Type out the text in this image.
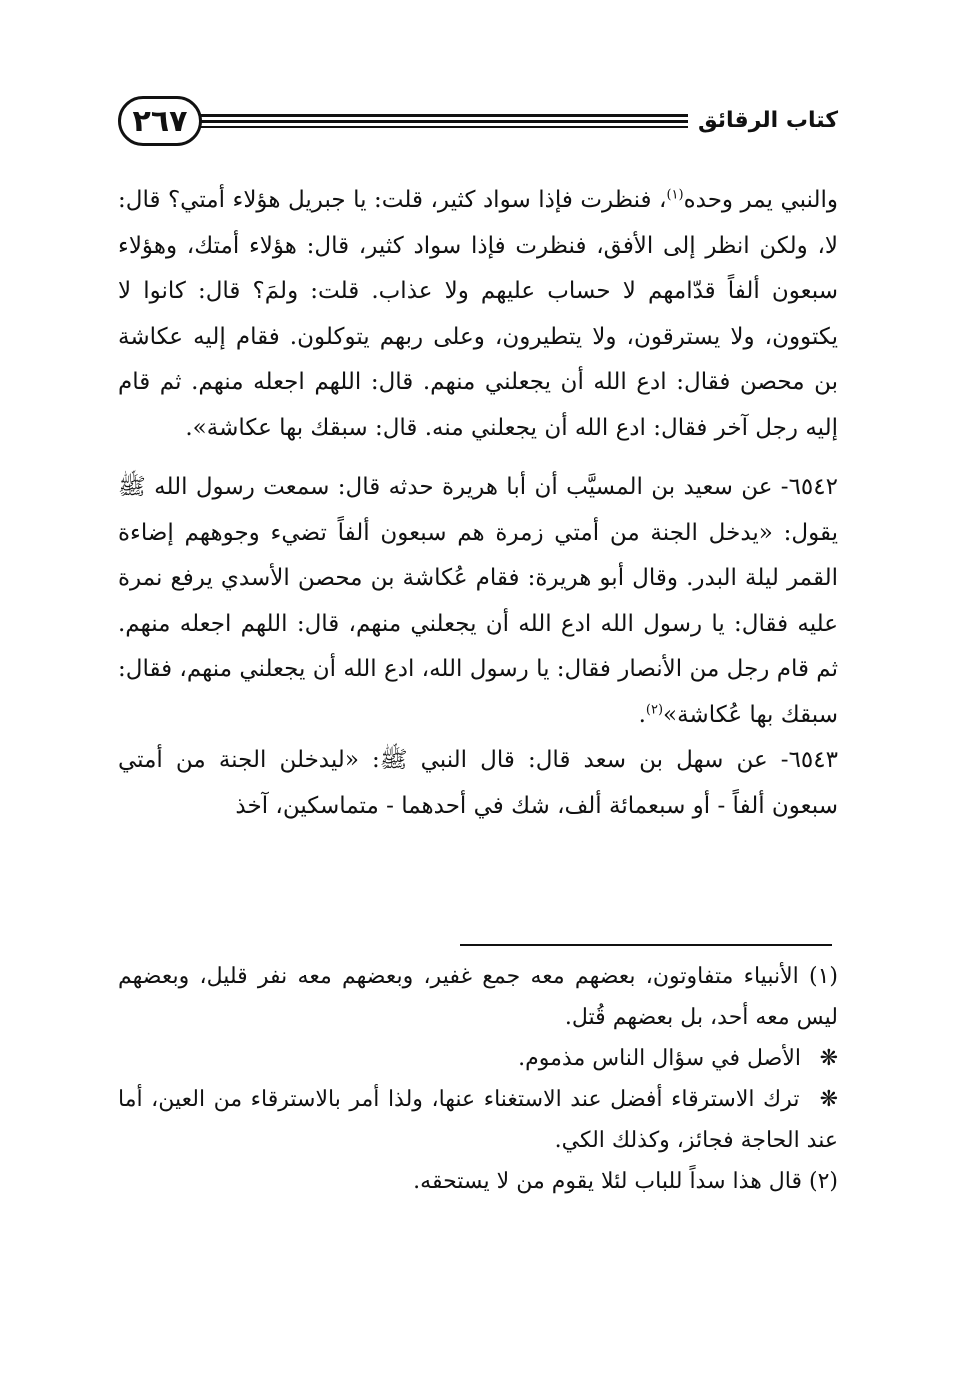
٢٦٧	كتاب الرقائق

والنبي يمر وحده$^{(١)}$، فنظرت فإذا سواد كثير، قلت: يا جبريل هؤلاء أمتي؟ قال: لا، ولكن انظر إلى الأفق، فنظرت فإذا سواد كثير، قال: هؤلاء أمتك، وهؤلاء سبعون ألفاً قدّامهم لا حساب عليهم ولا عذاب. قلت: ولمَ؟ قال: كانوا لا يكتوون، ولا يسترقون، ولا يتطيرون، وعلى ربهم يتوكلون. فقام إليه عكاشة بن محصن فقال: ادع الله أن يجعلني منهم. قال: اللهم اجعله منهم. ثم قام إليه رجل آخر فقال: ادع الله أن يجعلني منه. قال: سبقك بها عكاشة».

٦٥٤٢- عن سعيد بن المسيَّب أن أبا هريرة حدثه قال: سمعت رسول الله ﷺ يقول: «يدخل الجنة من أمتي زمرة هم سبعون ألفاً تضيء وجوههم إضاءة القمر ليلة البدر. وقال أبو هريرة: فقام عُكاشة بن محصن الأسدي يرفع نمرة عليه فقال: يا رسول الله ادع الله أن يجعلني منهم، قال: اللهم اجعله منهم. ثم قام رجل من الأنصار فقال: يا رسول الله، ادع الله أن يجعلني منهم، فقال: سبقك بها عُكاشة»$^{(٢)}$.

٦٥٤٣- عن سهل بن سعد قال: قال النبي ﷺ: «ليدخلن الجنة من أمتي سبعون ألفاً - أو سبعمائة ألف، شك في أحدهما - متماسكين، آخذ

(١) الأنبياء متفاوتون، بعضهم معه جمع غفير، وبعضهم معه نفر قليل، وبعضهم ليس معه أحد، بل بعضهم قُتل.

❋ الأصل في سؤال الناس مذموم.

❋ ترك الاسترقاء أفضل عند الاستغناء عنها، ولذا أمر بالاسترقاء من العين، أما عند الحاجة فجائز، وكذلك الكي.

(٢) قال هذا سداً للباب لئلا يقوم من لا يستحقه.
